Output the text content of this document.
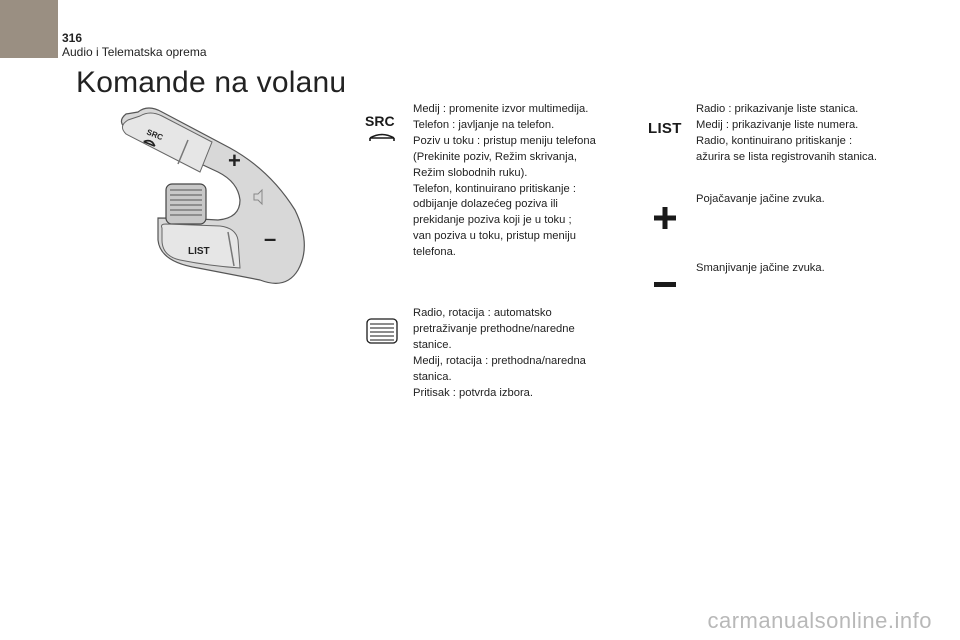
316
Audio i Telematska oprema
Komande na volanu
SRC
+
LIST
–
SRC
Medij : promenite izvor multimedija.
Telefon : javljanje na telefon.
Poziv u toku : pristup meniju telefona
(Prekinite poziv, Režim skrivanja,
Režim slobodnih ruku).
Telefon, kontinuirano pritiskanje :
odbijanje dolazećeg poziva ili
prekidanje poziva koji je u toku ;
van poziva u toku, pristup meniju
telefona.
Radio, rotacija : automatsko
pretraživanje prethodne/naredne
stanice.
Medij, rotacija : prethodna/naredna
stanica.
Pritisak : potvrda izbora.
LIST
Radio : prikazivanje liste stanica.
Medij : prikazivanje liste numera.
Radio, kontinuirano pritiskanje :
ažurira se lista registrovanih stanica.
Pojačavanje jačine zvuka.
Smanjivanje jačine zvuka.
carmanualsonline.info
